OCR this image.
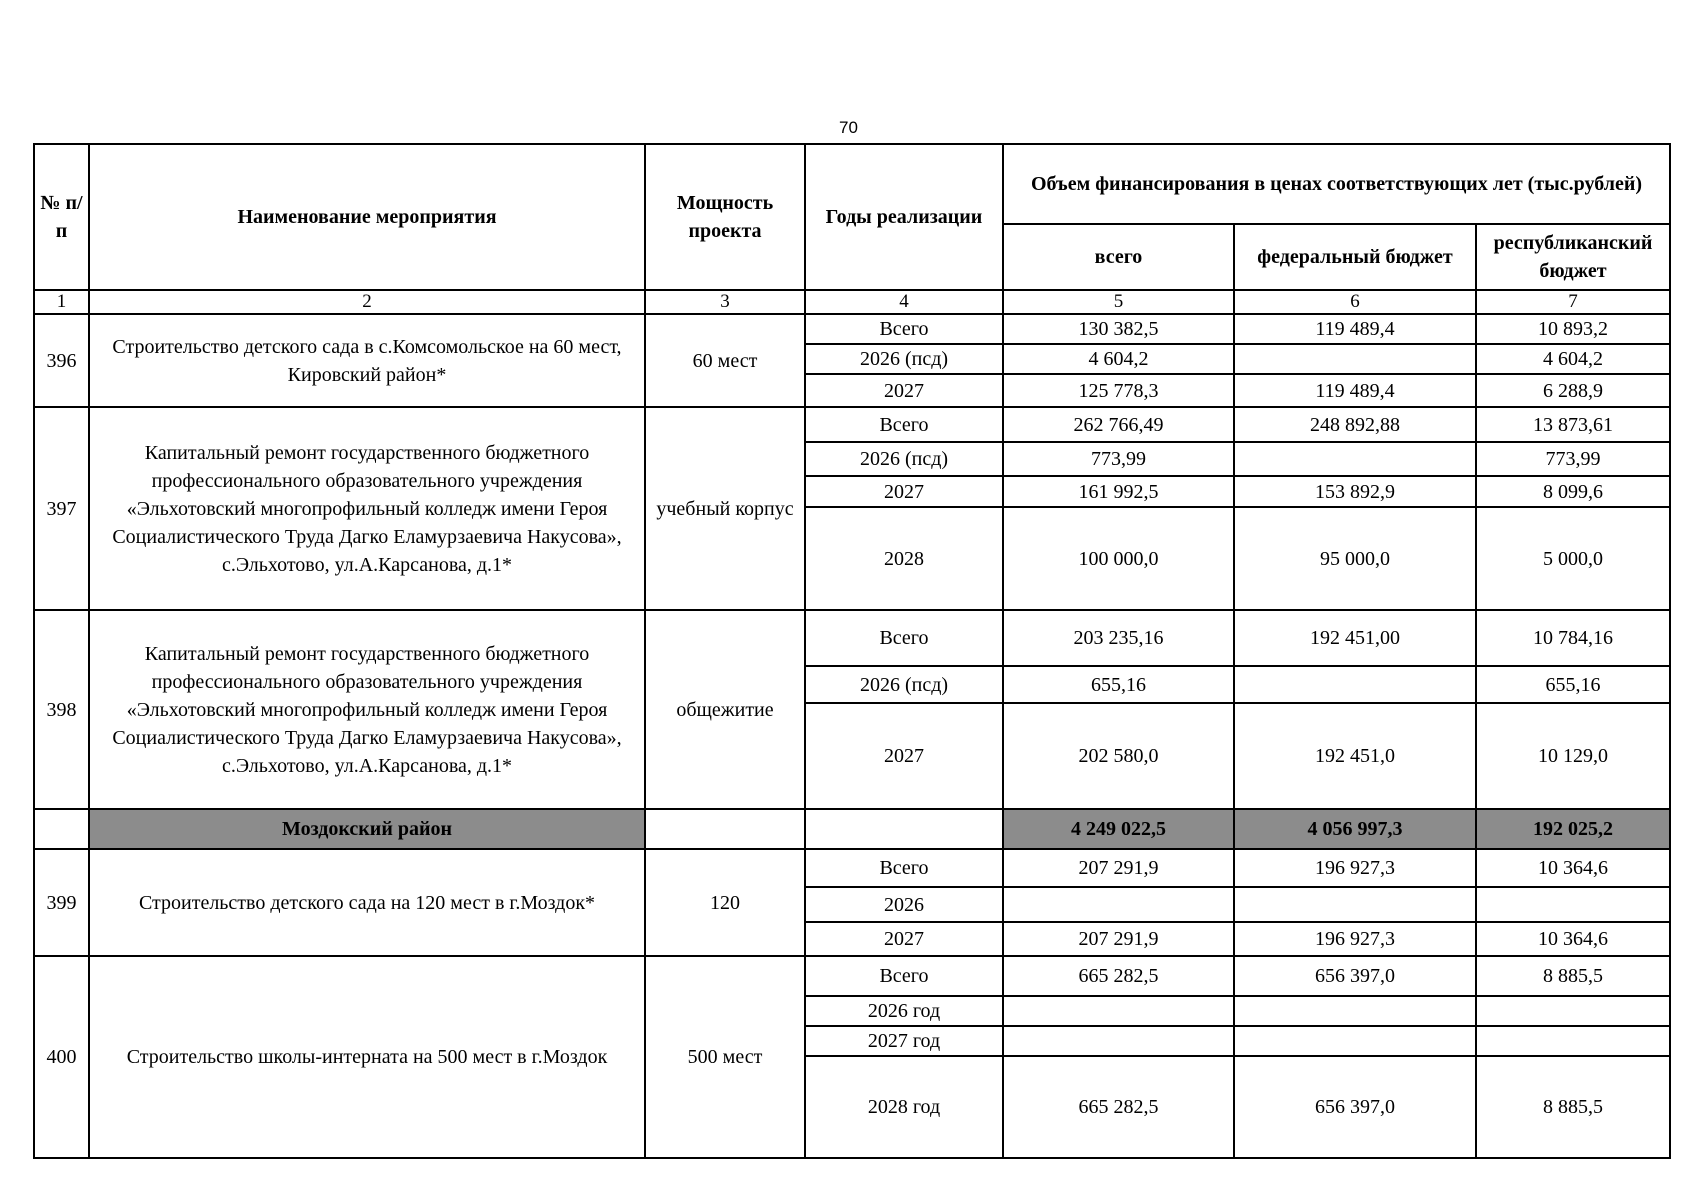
70
№ п/п	Наименование мероприятия	Мощность проекта	Годы реализации	Объем финансирования в ценах соответствующих лет (тыс.рублей)		
				всего	федеральный бюджет	республиканский бюджет
1	2	3	4	5	6	7
396	Строительство детского сада в с.Комсомольское на 60 мест, Кировский район*	60 мест	Всего	130 382,5	119 489,4	10 893,2
			2026 (псд)	4 604,2		4 604,2
			2027	125 778,3	119 489,4	6 288,9
397	Капитальный ремонт государственного бюджетного профессионального образовательного учреждения «Эльхотовский многопрофильный колледж имени Героя Социалистического Труда Дагко Еламурзаевича Накусова», с.Эльхотово, ул.А.Карсанова, д.1*	учебный корпус	Всего	262 766,49	248 892,88	13 873,61
			2026 (псд)	773,99		773,99
			2027	161 992,5	153 892,9	8 099,6
			2028	100 000,0	95 000,0	5 000,0
398	Капитальный ремонт государственного бюджетного профессионального образовательного учреждения «Эльхотовский многопрофильный колледж имени Героя Социалистического Труда Дагко Еламурзаевича Накусова», с.Эльхотово, ул.А.Карсанова, д.1*	общежитие	Всего	203 235,16	192 451,00	10 784,16
			2026 (псд)	655,16		655,16
			2027	202 580,0	192 451,0	10 129,0
	Моздокский район			4 249 022,5	4 056 997,3	192 025,2
399	Строительство детского сада на 120 мест в г.Моздок*	120	Всего	207 291,9	196 927,3	10 364,6
			2026			
			2027	207 291,9	196 927,3	10 364,6
400	Строительство школы-интерната на 500 мест в г.Моздок	500 мест	Всего	665 282,5	656 397,0	8 885,5
			2026 год			
			2027 год			
			2028 год	665 282,5	656 397,0	8 885,5
